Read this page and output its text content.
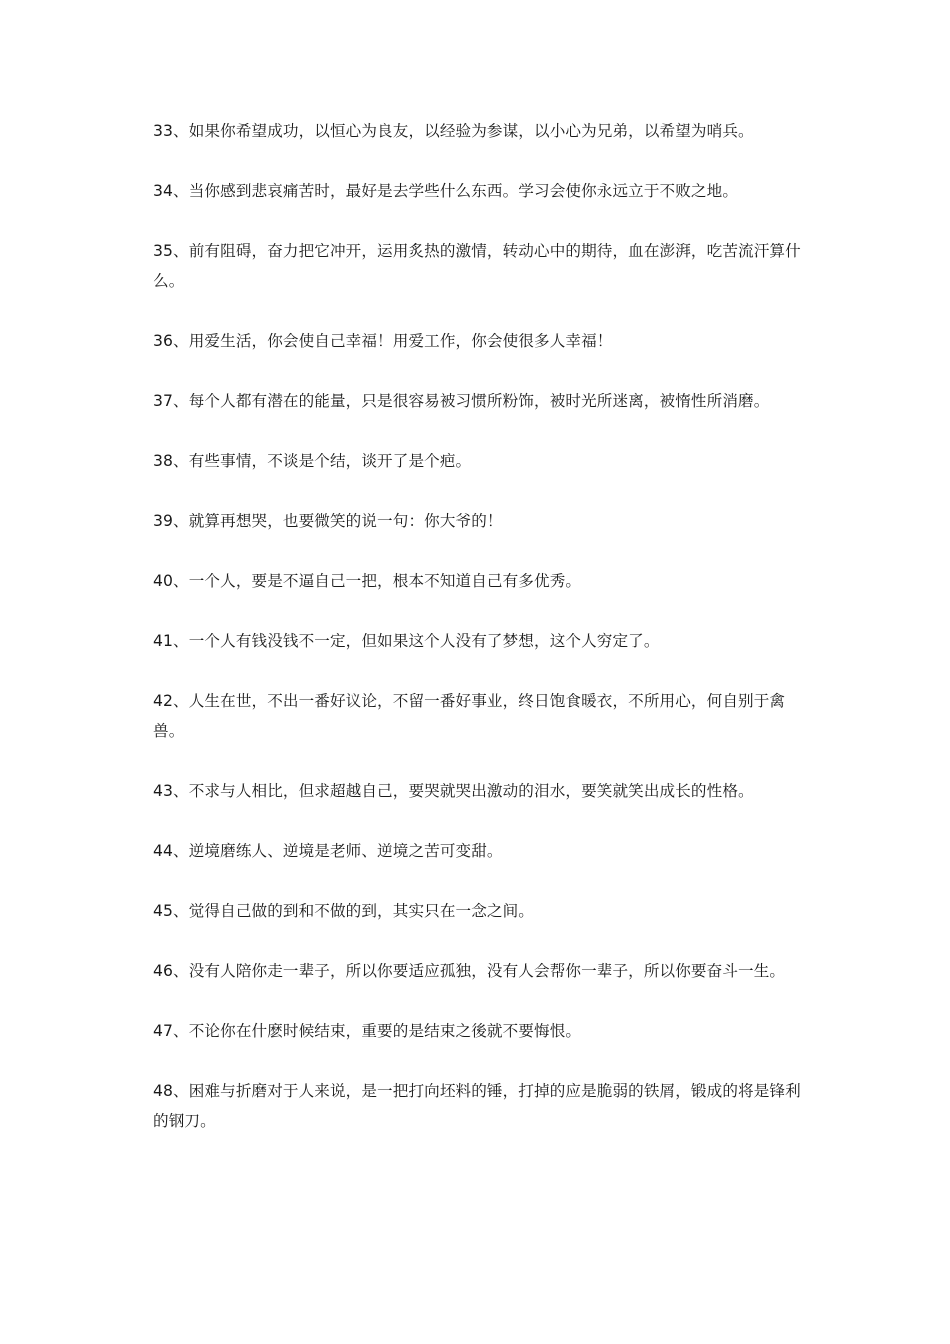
33、如果你希望成功，以恒心为良友，以经验为参谋，以小心为兄弟，以希望为哨兵。
34、当你感到悲哀痛苦时，最好是去学些什么东西。学习会使你永远立于不败之地。
35、前有阻碍，奋力把它冲开，运用炙热的激情，转动心中的期待，血在澎湃，吃苦流汗算什么。
36、用爱生活，你会使自己幸福！用爱工作，你会使很多人幸福！
37、每个人都有潜在的能量，只是很容易被习惯所粉饰，被时光所迷离，被惰性所消磨。
38、有些事情，不谈是个结，谈开了是个疤。
39、就算再想哭，也要微笑的说一句：你大爷的！
40、一个人，要是不逼自己一把，根本不知道自己有多优秀。
41、一个人有钱没钱不一定，但如果这个人没有了梦想，这个人穷定了。
42、人生在世，不出一番好议论，不留一番好事业，终日饱食暖衣，不所用心，何自别于禽兽。
43、不求与人相比，但求超越自己，要哭就哭出激动的泪水，要笑就笑出成长的性格。
44、逆境磨练人、逆境是老师、逆境之苦可变甜。
45、觉得自己做的到和不做的到，其实只在一念之间。
46、没有人陪你走一辈子，所以你要适应孤独，没有人会帮你一辈子，所以你要奋斗一生。
47、不论你在什麽时候结束，重要的是结束之後就不要悔恨。
48、困难与折磨对于人来说，是一把打向坯料的锤，打掉的应是脆弱的铁屑，锻成的将是锋利的钢刀。
